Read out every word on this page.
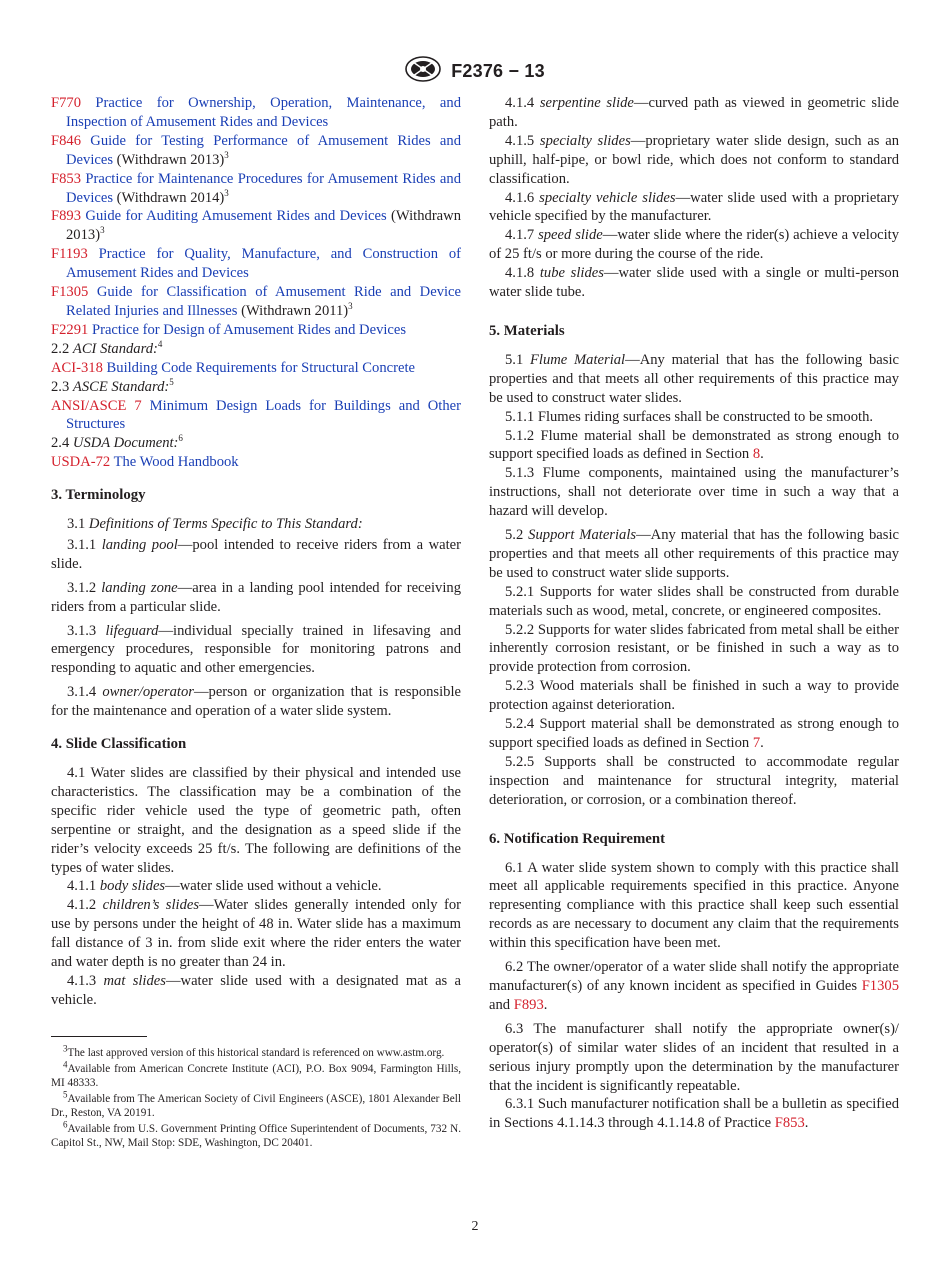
F2376 − 13

F770 Practice for Ownership, Operation, Maintenance, and Inspection of Amusement Rides and Devices

F846 Guide for Testing Performance of Amusement Rides and Devices (Withdrawn 2013)$^3$

F853 Practice for Maintenance Procedures for Amusement Rides and Devices (Withdrawn 2014)$^3$

F893 Guide for Auditing Amusement Rides and Devices (Withdrawn 2013)$^3$

F1193 Practice for Quality, Manufacture, and Construction of Amusement Rides and Devices

F1305 Guide for Classification of Amusement Ride and Device Related Injuries and Illnesses (Withdrawn 2011)$^3$

F2291 Practice for Design of Amusement Rides and Devices

2.2 ACI Standard:$^4$

ACI-318 Building Code Requirements for Structural Concrete

2.3 ASCE Standard:$^5$

ANSI/ASCE 7 Minimum Design Loads for Buildings and Other Structures

2.4 USDA Document:$^6$

USDA-72 The Wood Handbook

3. Terminology

3.1 Definitions of Terms Specific to This Standard:

3.1.1 landing pool—pool intended to receive riders from a water slide.

3.1.2 landing zone—area in a landing pool intended for receiving riders from a particular slide.

3.1.3 lifeguard—individual specially trained in lifesaving and emergency procedures, responsible for monitoring patrons and responding to aquatic and other emergencies.

3.1.4 owner/operator—person or organization that is responsible for the maintenance and operation of a water slide system.

4. Slide Classification

4.1 Water slides are classified by their physical and intended use characteristics. The classification may be a combination of the specific rider vehicle used the type of geometric path, often serpentine or straight, and the designation as a speed slide if the rider’s velocity exceeds 25 ft/s. The following are definitions of the types of water slides.

4.1.1 body slides—water slide used without a vehicle.

4.1.2 children’s slides—Water slides generally intended only for use by persons under the height of 48 in. Water slide has a maximum fall distance of 3 in. from slide exit where the rider enters the water and water depth is no greater than 24 in.

4.1.3 mat slides—water slide used with a designated mat as a vehicle.

$^3$The last approved version of this historical standard is referenced on www.astm.org.

$^4$Available from American Concrete Institute (ACI), P.O. Box 9094, Farmington Hills, MI 48333.

$^5$Available from The American Society of Civil Engineers (ASCE), 1801 Alexander Bell Dr., Reston, VA 20191.

$^6$Available from U.S. Government Printing Office Superintendent of Documents, 732 N. Capitol St., NW, Mail Stop: SDE, Washington, DC 20401.

4.1.4 serpentine slide—curved path as viewed in geometric slide path.

4.1.5 specialty slides—proprietary water slide design, such as an uphill, half-pipe, or bowl ride, which does not conform to standard classification.

4.1.6 specialty vehicle slides—water slide used with a proprietary vehicle specified by the manufacturer.

4.1.7 speed slide—water slide where the rider(s) achieve a velocity of 25 ft/s or more during the course of the ride.

4.1.8 tube slides—water slide used with a single or multi-person water slide tube.

5. Materials

5.1 Flume Material—Any material that has the following basic properties and that meets all other requirements of this practice may be used to construct water slides.

5.1.1 Flumes riding surfaces shall be constructed to be smooth.

5.1.2 Flume material shall be demonstrated as strong enough to support specified loads as defined in Section 8.

5.1.3 Flume components, maintained using the manufacturer’s instructions, shall not deteriorate over time in such a way that a hazard will develop.

5.2 Support Materials—Any material that has the following basic properties and that meets all other requirements of this practice may be used to construct water slide supports.

5.2.1 Supports for water slides shall be constructed from durable materials such as wood, metal, concrete, or engineered composites.

5.2.2 Supports for water slides fabricated from metal shall be either inherently corrosion resistant, or be finished in such a way as to provide protection from corrosion.

5.2.3 Wood materials shall be finished in such a way to provide protection against deterioration.

5.2.4 Support material shall be demonstrated as strong enough to support specified loads as defined in Section 7.

5.2.5 Supports shall be constructed to accommodate regular inspection and maintenance for structural integrity, material deterioration, or corrosion, or a combination thereof.

6. Notification Requirement

6.1 A water slide system shown to comply with this practice shall meet all applicable requirements specified in this practice. Anyone representing compliance with this practice shall keep such essential records as are necessary to document any claim that the requirements within this specification have been met.

6.2 The owner/operator of a water slide shall notify the appropriate manufacturer(s) of any known incident as specified in Guides F1305 and F893.

6.3 The manufacturer shall notify the appropriate owner(s)/ operator(s) of similar water slides of an incident that resulted in a serious injury promptly upon the determination by the manufacturer that the incident is significantly repeatable.

6.3.1 Such manufacturer notification shall be a bulletin as specified in Sections 4.1.14.3 through 4.1.14.8 of Practice F853.

2
